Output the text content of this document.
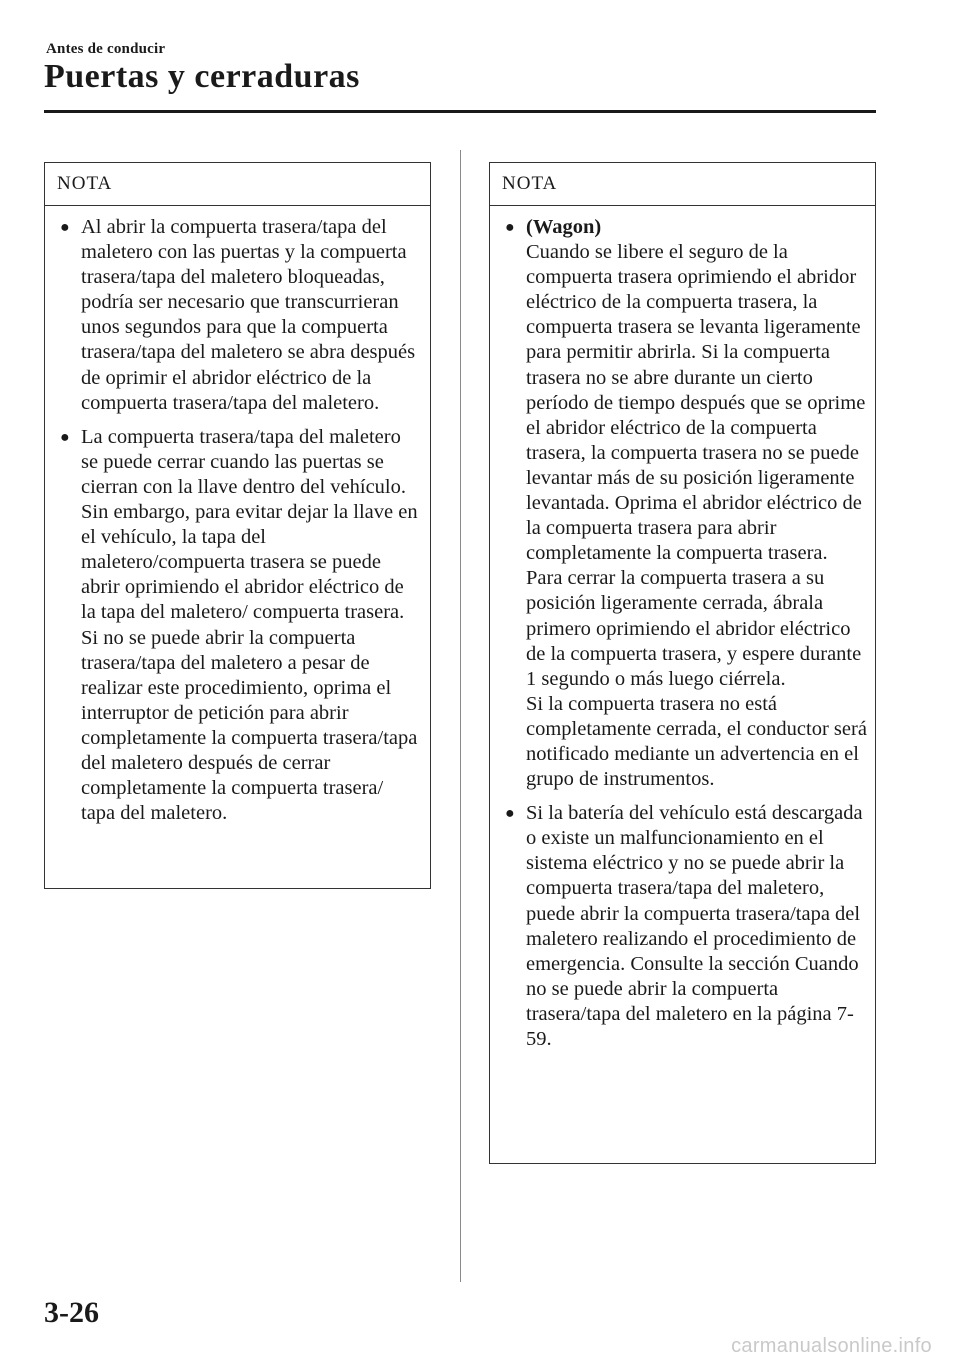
Antes de conducir
Puertas y cerraduras
NOTA
● Al abrir la compuerta trasera/tapa del maletero con las puertas y la compuerta trasera/tapa del maletero bloqueadas, podría ser necesario que transcurrieran unos segundos para que la compuerta trasera/tapa del maletero se abra después de oprimir el abridor eléctrico de la compuerta trasera/tapa del maletero.
● La compuerta trasera/tapa del maletero se puede cerrar cuando las puertas se cierran con la llave dentro del vehículo. Sin embargo, para evitar dejar la llave en el vehículo, la tapa del maletero/compuerta trasera se puede abrir oprimiendo el abridor eléctrico de la tapa del maletero/ compuerta trasera. Si no se puede abrir la compuerta trasera/tapa del maletero a pesar de realizar este procedimiento, oprima el interruptor de petición para abrir completamente la compuerta trasera/tapa del maletero después de cerrar completamente la compuerta trasera/ tapa del maletero.
NOTA
● (Wagon)
Cuando se libere el seguro de la compuerta trasera oprimiendo el abridor eléctrico de la compuerta trasera, la compuerta trasera se levanta ligeramente para permitir abrirla. Si la compuerta trasera no se abre durante un cierto período de tiempo después que se oprime el abridor eléctrico de la compuerta trasera, la compuerta trasera no se puede levantar más de su posición ligeramente levantada. Oprima el abridor eléctrico de la compuerta trasera para abrir completamente la compuerta trasera. Para cerrar la compuerta trasera a su posición ligeramente cerrada, ábrala primero oprimiendo el abridor eléctrico de la compuerta trasera, y espere durante 1 segundo o más luego ciérrela.
Si la compuerta trasera no está completamente cerrada, el conductor será notificado mediante un advertencia en el grupo de instrumentos.
● Si la batería del vehículo está descargada o existe un malfuncionamiento en el sistema eléctrico y no se puede abrir la compuerta trasera/tapa del maletero, puede abrir la compuerta trasera/tapa del maletero realizando el procedimiento de emergencia. Consulte la sección Cuando no se puede abrir la compuerta trasera/tapa del maletero en la página 7-59.
3-26
carmanualsonline.info
